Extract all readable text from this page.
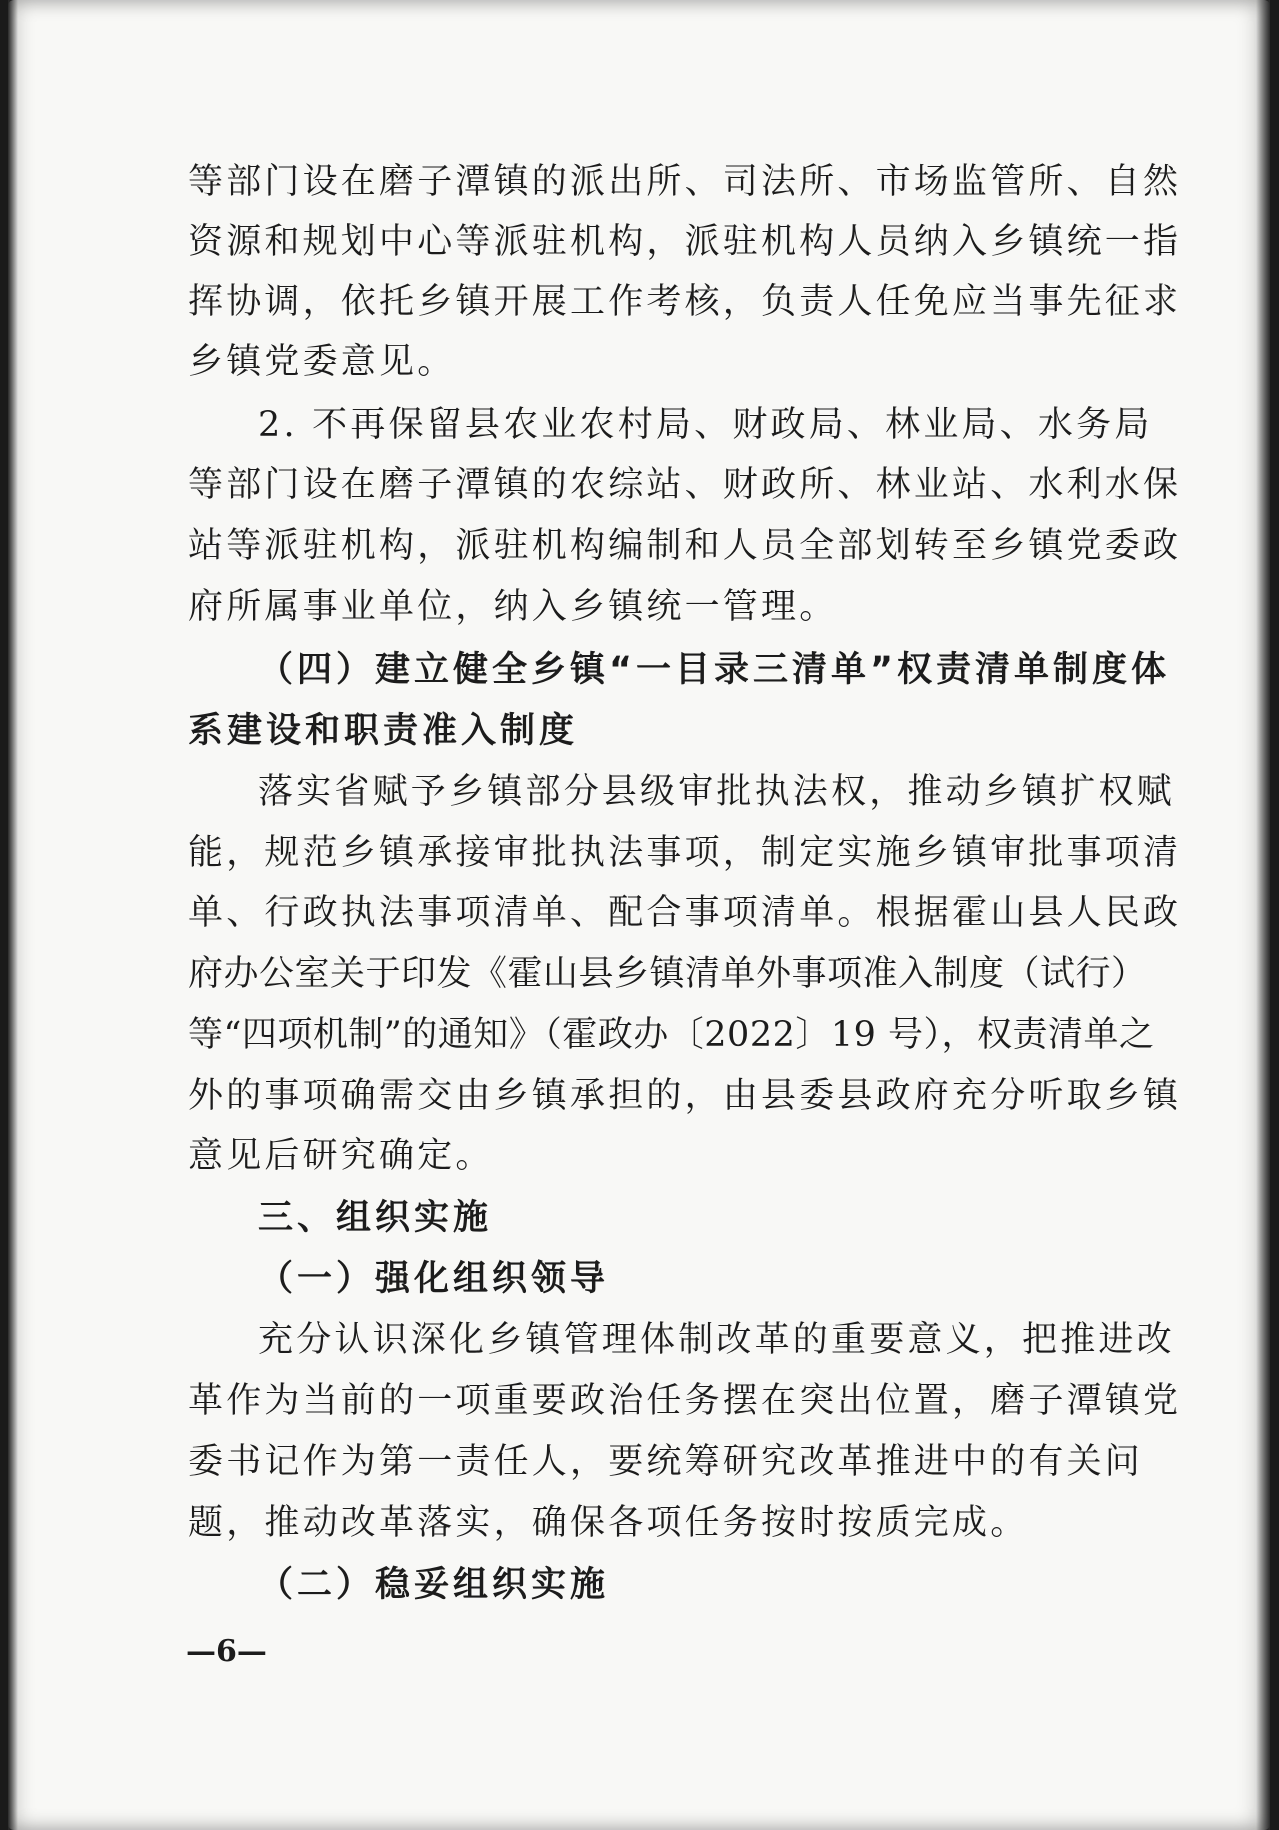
等部门设在磨子潭镇的派出所、司法所、市场监管所、自然
资源和规划中心等派驻机构，派驻机构人员纳入乡镇统一指
挥协调，依托乡镇开展工作考核，负责人任免应当事先征求
乡镇党委意见。
2. 不再保留县农业农村局、财政局、林业局、水务局
等部门设在磨子潭镇的农综站、财政所、林业站、水利水保
站等派驻机构，派驻机构编制和人员全部划转至乡镇党委政
府所属事业单位，纳入乡镇统一管理。
（四）建立健全乡镇“一目录三清单”权责清单制度体
系建设和职责准入制度
落实省赋予乡镇部分县级审批执法权，推动乡镇扩权赋
能，规范乡镇承接审批执法事项，制定实施乡镇审批事项清
单、行政执法事项清单、配合事项清单。根据霍山县人民政
府办公室关于印发《霍山县乡镇清单外事项准入制度（试行）
等“四项机制”的通知》（霍政办〔2022〕19 号），权责清单之
外的事项确需交由乡镇承担的，由县委县政府充分听取乡镇
意见后研究确定。
三、组织实施
（一）强化组织领导
充分认识深化乡镇管理体制改革的重要意义，把推进改
革作为当前的一项重要政治任务摆在突出位置，磨子潭镇党
委书记作为第一责任人，要统筹研究改革推进中的有关问
题，推动改革落实，确保各项任务按时按质完成。
（二）稳妥组织实施
—6—
